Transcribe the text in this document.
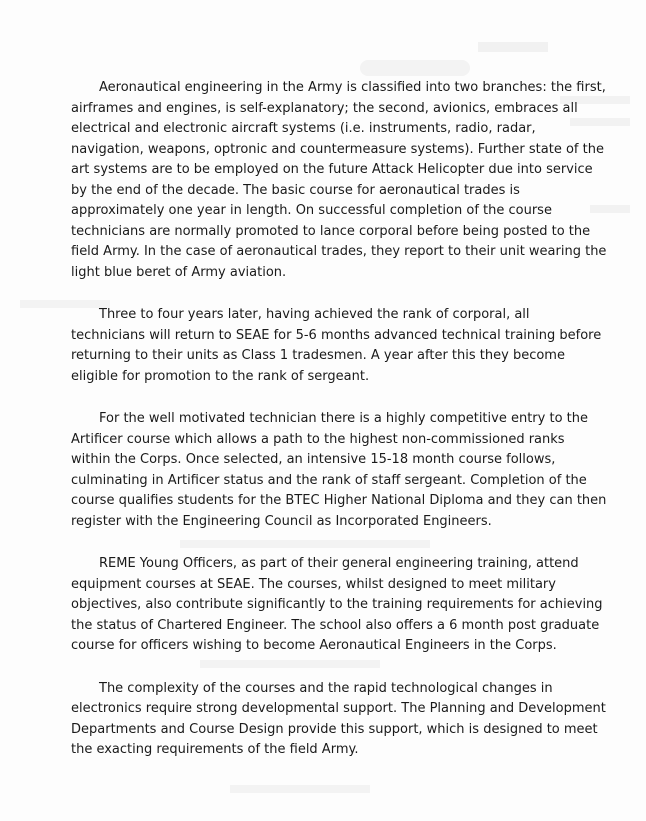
Aeronautical engineering in the Army is classified into two branches: the first, airframes and engines, is self-explanatory; the second, avionics, embraces all electrical and electronic aircraft systems (i.e. instruments, radio, radar, navigation, weapons, optronic and countermeasure systems). Further state of the art systems are to be employed on the future Attack Helicopter due into service by the end of the decade. The basic course for aeronautical trades is approximately one year in length. On successful completion of the course technicians are normally promoted to lance corporal before being posted to the field Army. In the case of aeronautical trades, they report to their unit wearing the light blue beret of Army aviation.

Three to four years later, having achieved the rank of corporal, all technicians will return to SEAE for 5-6 months advanced technical training before returning to their units as Class 1 tradesmen. A year after this they become eligible for promotion to the rank of sergeant.

For the well motivated technician there is a highly competitive entry to the Artificer course which allows a path to the highest non-commissioned ranks within the Corps. Once selected, an intensive 15-18 month course follows, culminating in Artificer status and the rank of staff sergeant. Completion of the course qualifies students for the BTEC Higher National Diploma and they can then register with the Engineering Council as Incorporated Engineers.

REME Young Officers, as part of their general engineering training, attend equipment courses at SEAE. The courses, whilst designed to meet military objectives, also contribute significantly to the training requirements for achieving the status of Chartered Engineer. The school also offers a 6 month post graduate course for officers wishing to become Aeronautical Engineers in the Corps.

The complexity of the courses and the rapid technological changes in electronics require strong developmental support. The Planning and Development Departments and Course Design provide this support, which is designed to meet the exacting requirements of the field Army.
